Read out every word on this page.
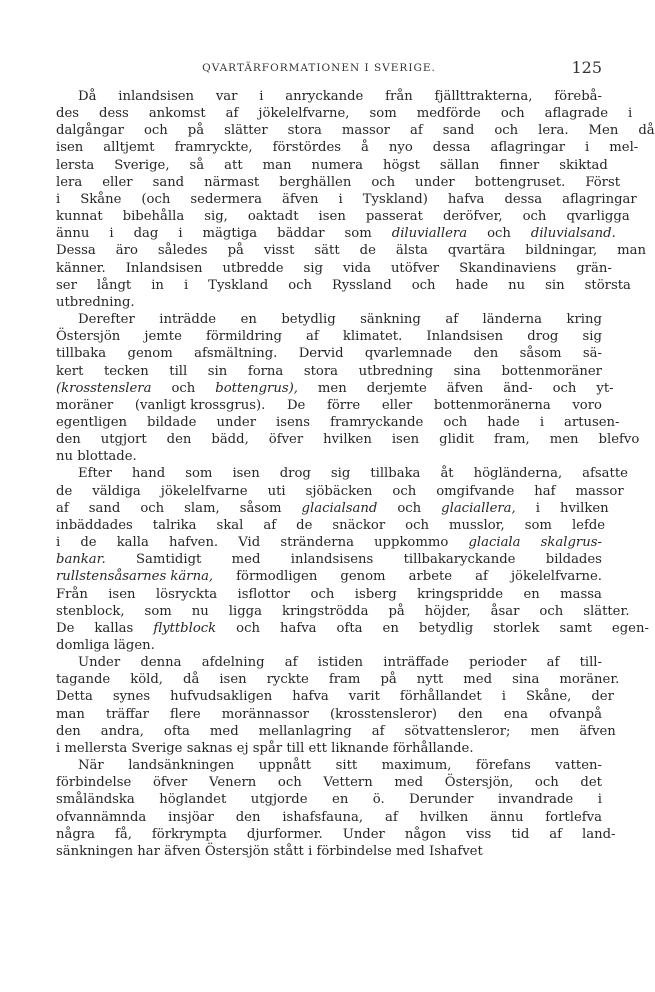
QVARTÄRFORMATIONEN I SVERIGE.	125
Då	inlandsisen	var	i	anryckande	från	fjällttrakterna,	förebå-
des	dess	ankomst	af	jökelelfvarne,	som	medförde	och	aflagrade	i
dalgångar	och	på	slätter	stora	massor	af	sand	och	lera.	Men	då
isen	alltjemt	framryckte,	förstördes	å	nyo	dessa	aflagringar	i	mel-
lersta	Sverige,	så	att	man	numera	högst	sällan	finner	skiktad
lera	eller	sand	närmast	berghällen	och	under	bottengruset.	Först
i	Skåne	(och	sedermera	äfven	i	Tyskland)	hafva	dessa	aflagringar
kunnat	bibehålla	sig,	oaktadt	isen	passerat	deröfver,	och	qvarligga
ännu	i	dag	i	mägtiga	bäddar	som	diluviallera	och	diluvialsand.
Dessa	äro	således	på	visst	sätt	de	älsta	qvartära	bildningar,	man
känner.	Inlandsisen	utbredde	sig	vida	utöfver	Skandinaviens	grän-
ser	långt	in	i	Tyskland	och	Ryssland	och	hade	nu	sin	största
utbredning.
Derefter	inträdde	en	betydlig	sänkning	af	länderna	kring
Östersjön	jemte	förmildring	af	klimatet.	Inlandsisen	drog	sig
tillbaka	genom	afsmältning.	Dervid	qvarlemnade	den	såsom	sä-
kert	tecken	till	sin	forna	stora	utbredning	sina	bottenmoräner
(krosstenslera	och	bottengrus),	men	derjemte	äfven	änd-	och	yt-
moräner	(vanligt krossgrus).	De	förre	eller	bottenmoränerna	voro
egentligen	bildade	under	isens	framryckande	och	hade	i	artusen-
den	utgjort	den	bädd,	öfver	hvilken	isen	glidit	fram,	men	blefvo
nu blottade.
Efter	hand	som	isen	drog	sig	tillbaka	åt	högländerna,	afsatte
de	väldiga	jökelelfvarne	uti	sjöbäcken	och	omgifvande	haf	massor
af	sand	och	slam,	såsom	glacialsand	och	glaciallera,	i	hvilken
inbäddades	talrika	skal	af	de	snäckor	och	musslor,	som	lefde
i	de	kalla	hafven.	Vid	stränderna	uppkommo	glaciala	skalgrus-
bankar.	Samtidigt	med	inlandsisens	tillbakaryckande	bildades
rullstensåsarnes kärna,	förmodligen	genom	arbete	af	jökelelfvarne.
Från	isen	lösryckta	isflottor	och	isberg	kringspridde	en	massa
stenblock,	som	nu	ligga	kringströdda	på	höjder,	åsar	och	slätter.
De	kallas	flyttblock	och	hafva	ofta	en	betydlig	storlek	samt	egen-
domliga lägen.
Under	denna	afdelning	af	istiden	inträffade	perioder	af	till-
tagande	köld,	då	isen	ryckte	fram	på	nytt	med	sina	moräner.
Detta	synes	hufvudsakligen	hafva	varit	förhållandet	i	Skåne,	der
man	träffar	flere	morännassor	(krosstensleror)	den	ena	ofvanpå
den	andra,	ofta	med	mellanlagring	af	sötvattensleror;	men	äfven
i mellersta Sverige saknas ej spår till ett liknande förhållande.
När	landsänkningen	uppnått	sitt	maximum,	förefans	vatten-
förbindelse	öfver	Venern	och	Vettern	med	Östersjön,	och	det
småländska	höglandet	utgjorde	en	ö.	Derunder	invandrade	i
ofvannämnda	insjöar	den	ishafsfauna,	af	hvilken	ännu	fortlefva
några	få,	förkrympta	djurformer.	Under	någon	viss	tid	af	land-
sänkningen har äfven Östersjön stått i förbindelse med Ishafvet
